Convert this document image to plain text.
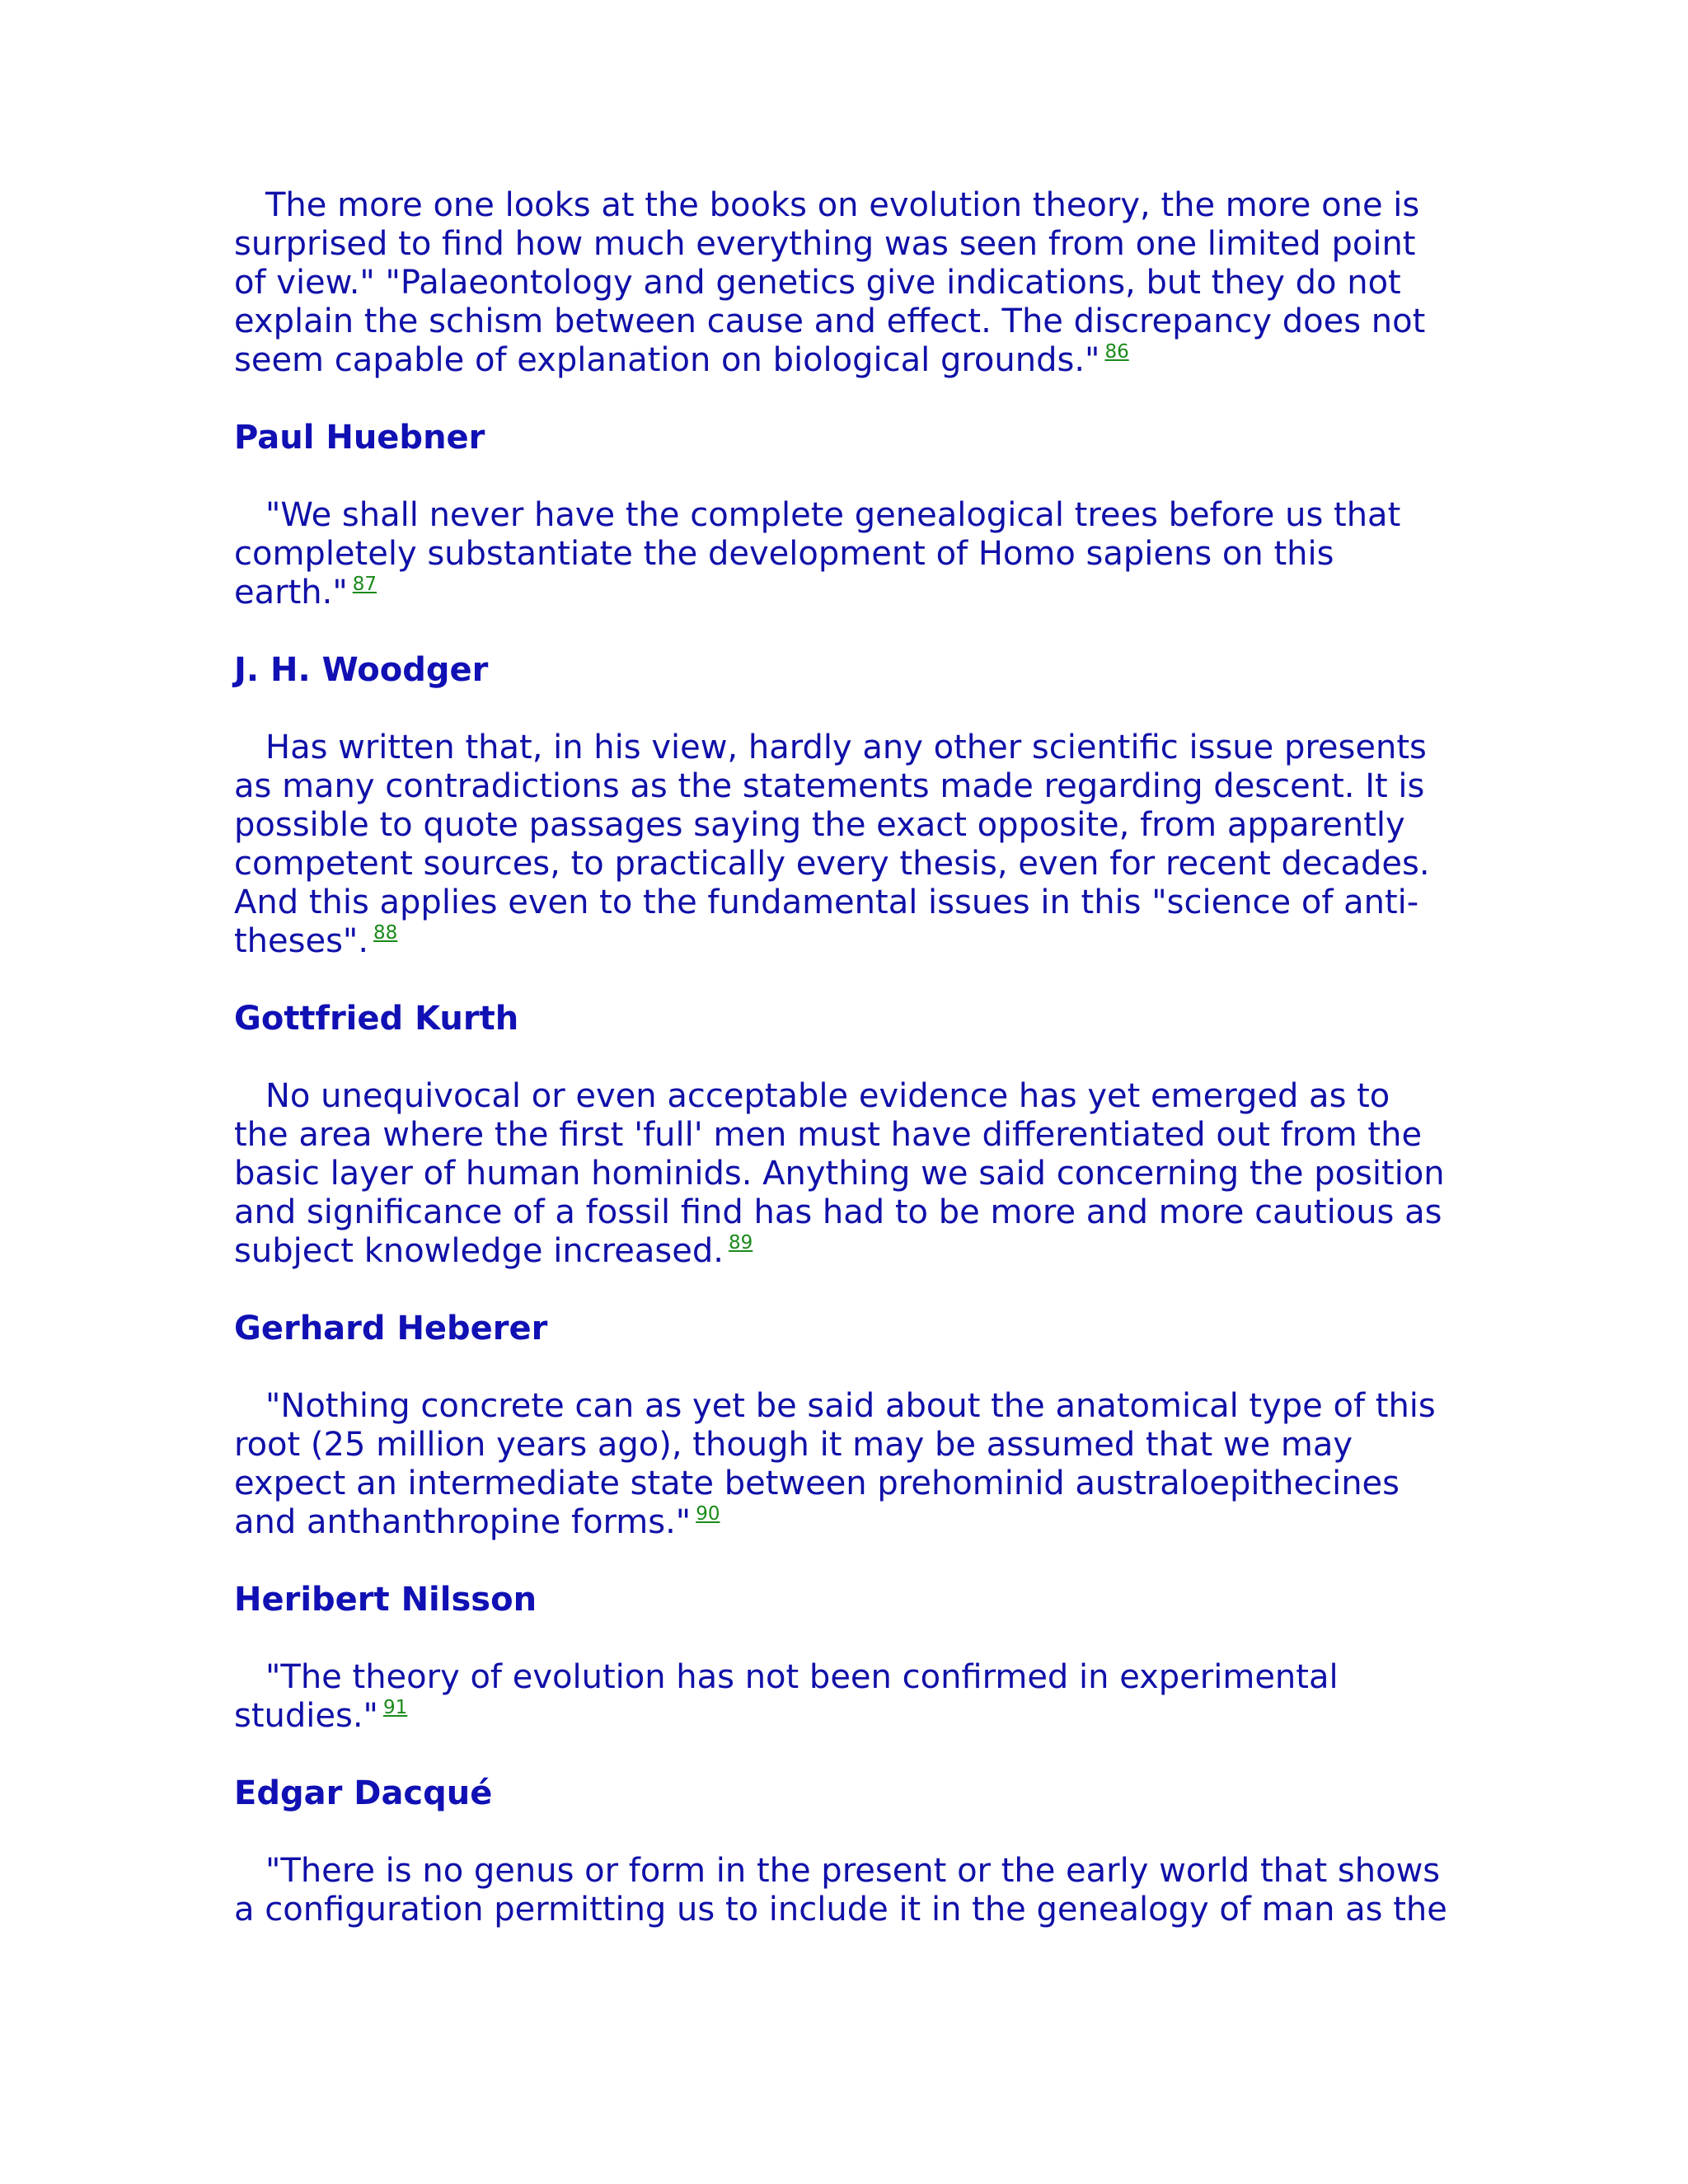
The more one looks at the books on evolution theory, the more one is surprised to find how much everything was seen from one limited point of view." "Palaeontology and genetics give indications, but they do not explain the schism between cause and effect. The discrepancy does not seem capable of explanation on biological grounds." $^{86}$

Paul Huebner

"We shall never have the complete genealogical trees before us that completely substantiate the development of Homo sapiens on this earth." $^{87}$

J. H. Woodger

Has written that, in his view, hardly any other scientific issue presents as many contradictions as the statements made regarding descent. It is possible to quote passages saying the exact opposite, from apparently competent sources, to practically every thesis, even for recent decades. And this applies even to the fundamental issues in this "science of anti-theses". $^{88}$

Gottfried Kurth

No unequivocal or even acceptable evidence has yet emerged as to the area where the first 'full' men must have differentiated out from the basic layer of human hominids. Anything we said concerning the position and significance of a fossil find has had to be more and more cautious as subject knowledge increased. $^{89}$

Gerhard Heberer

"Nothing concrete can as yet be said about the anatomical type of this root (25 million years ago), though it may be assumed that we may expect an intermediate state between prehominid australoepithecines and anthanthropine forms." $^{90}$

Heribert Nilsson

"The theory of evolution has not been confirmed in experimental studies." $^{91}$

Edgar Dacqué

"There is no genus or form in the present or the early world that shows a configuration permitting us to include it in the genealogy of man as the
